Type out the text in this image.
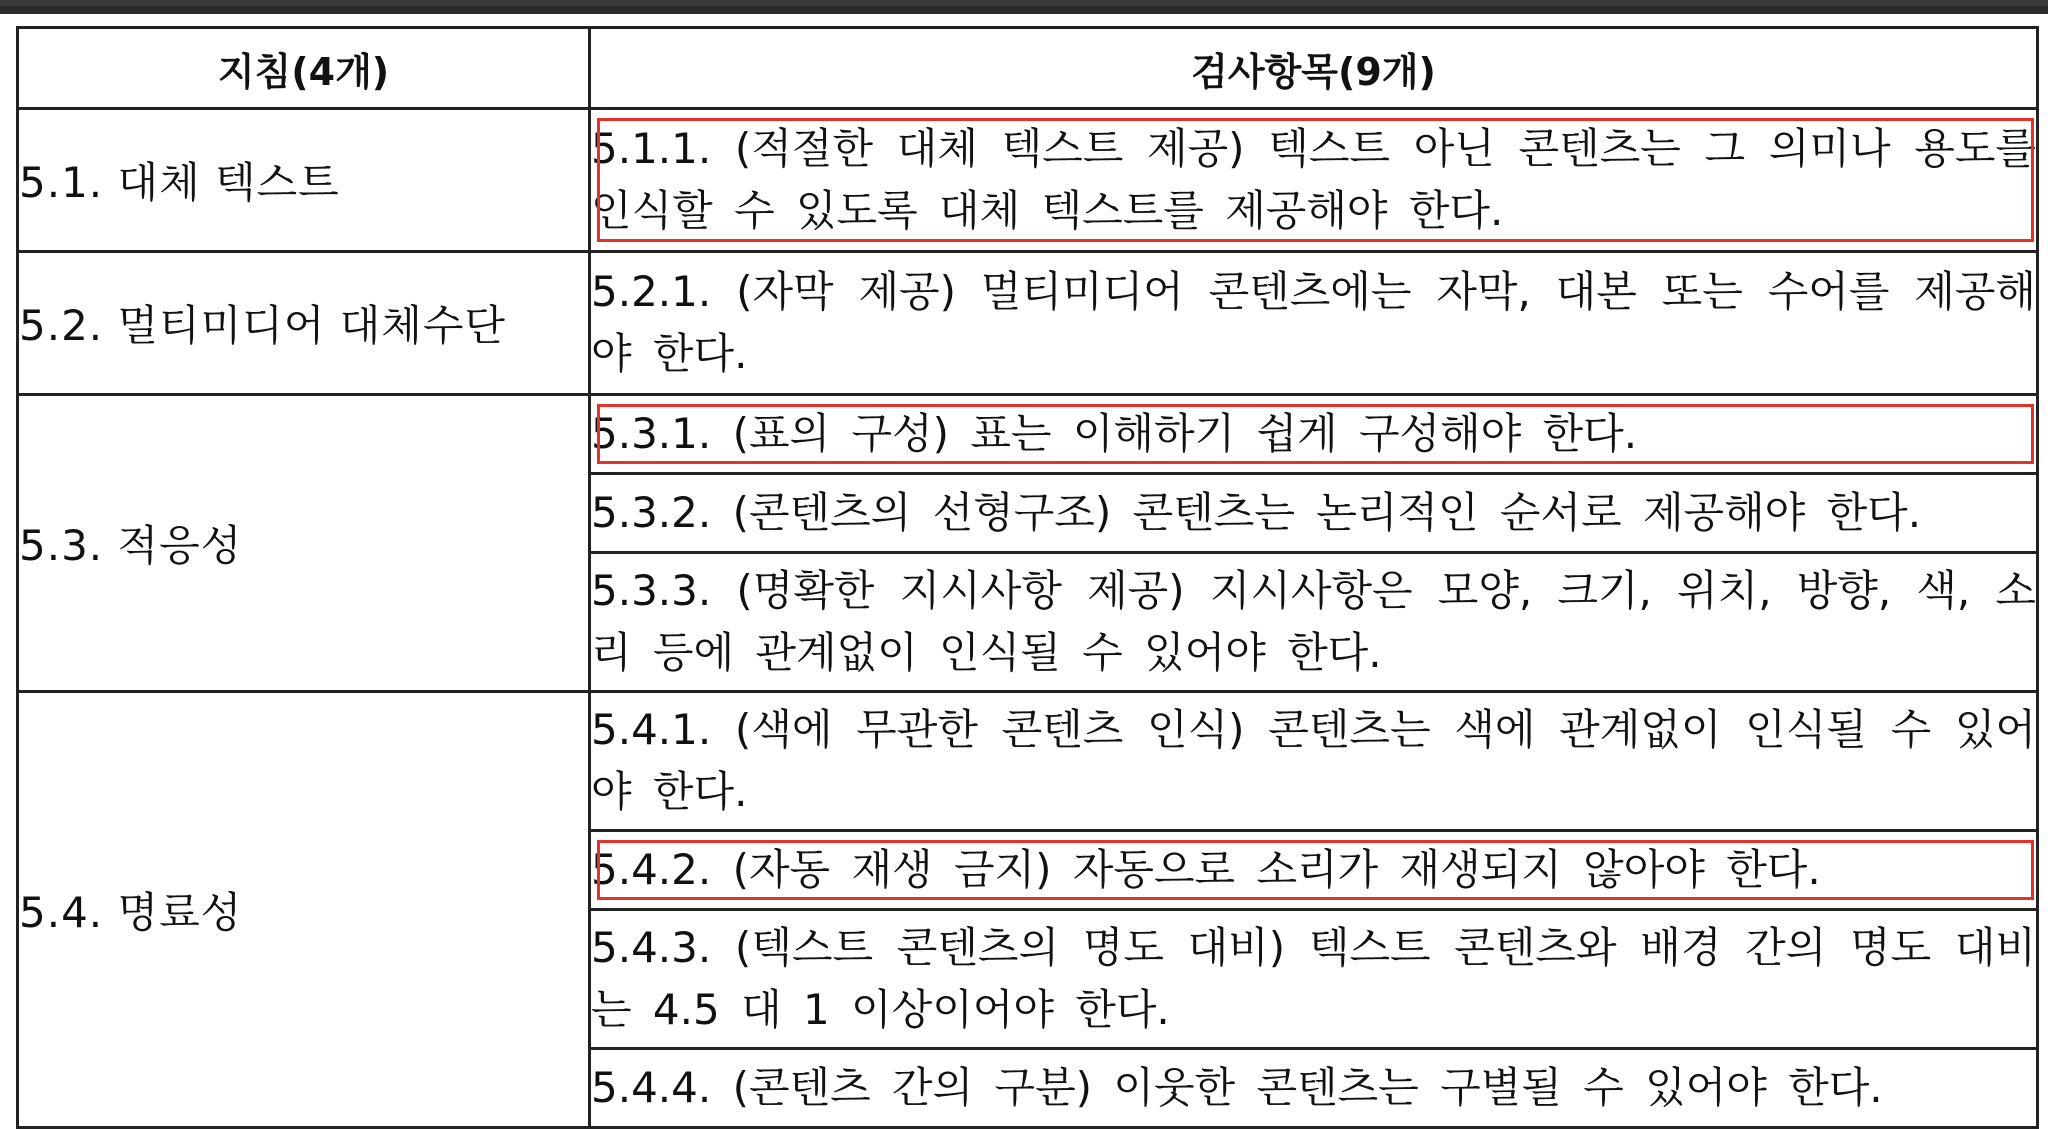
지침(4개)	검사항목(9개)
5.1. 대체 텍스트	5.1.1. (적절한 대체 텍스트 제공) 텍스트 아닌 콘텐츠는 그 의미나 용도를 인식할 수 있도록 대체 텍스트를 제공해야 한다.
5.2. 멀티미디어 대체수단	5.2.1. (자막 제공) 멀티미디어 콘텐츠에는 자막, 대본 또는 수어를 제공해야 한다.
5.3. 적응성	5.3.1. (표의 구성) 표는 이해하기 쉽게 구성해야 한다.
	5.3.2. (콘텐츠의 선형구조) 콘텐츠는 논리적인 순서로 제공해야 한다.
	5.3.3. (명확한 지시사항 제공) 지시사항은 모양, 크기, 위치, 방향, 색, 소리 등에 관계없이 인식될 수 있어야 한다.
5.4. 명료성	5.4.1. (색에 무관한 콘텐츠 인식) 콘텐츠는 색에 관계없이 인식될 수 있어야 한다.
	5.4.2. (자동 재생 금지) 자동으로 소리가 재생되지 않아야 한다.
	5.4.3. (텍스트 콘텐츠의 명도 대비) 텍스트 콘텐츠와 배경 간의 명도 대비는 4.5 대 1 이상이어야 한다.
	5.4.4. (콘텐츠 간의 구분) 이웃한 콘텐츠는 구별될 수 있어야 한다.
